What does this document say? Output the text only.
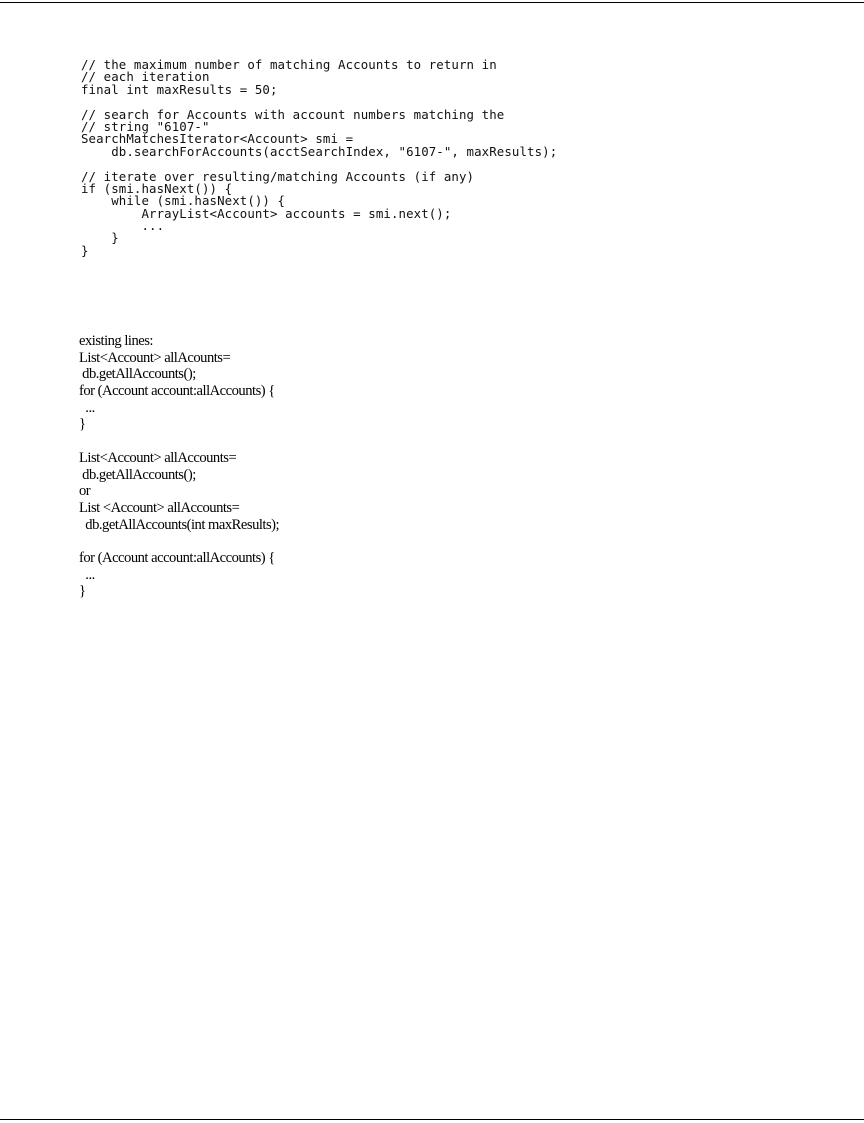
// the maximum number of matching Accounts to return in
// each iteration
final int maxResults = 50;
// search for Accounts with account numbers matching the
// string "6107-"
SearchMatchesIterator<Account> smi =
db.searchForAccounts(acctSearchIndex, "6107-", maxResults);
// iterate over resulting/matching Accounts (if any)
if (smi.hasNext()) {
while (smi.hasNext()) {
ArrayList<Account> accounts = smi.next();
...
}
}
existing lines:
List<Account> allAcounts=
db.getAllAccounts();
for (Account account:allAccounts) {
...
}
List<Account> allAccounts=
db.getAllAccounts();
or
List <Account> allAccounts=
db.getAllAccounts(int maxResults);
for (Account account:allAccounts) {
...
}
